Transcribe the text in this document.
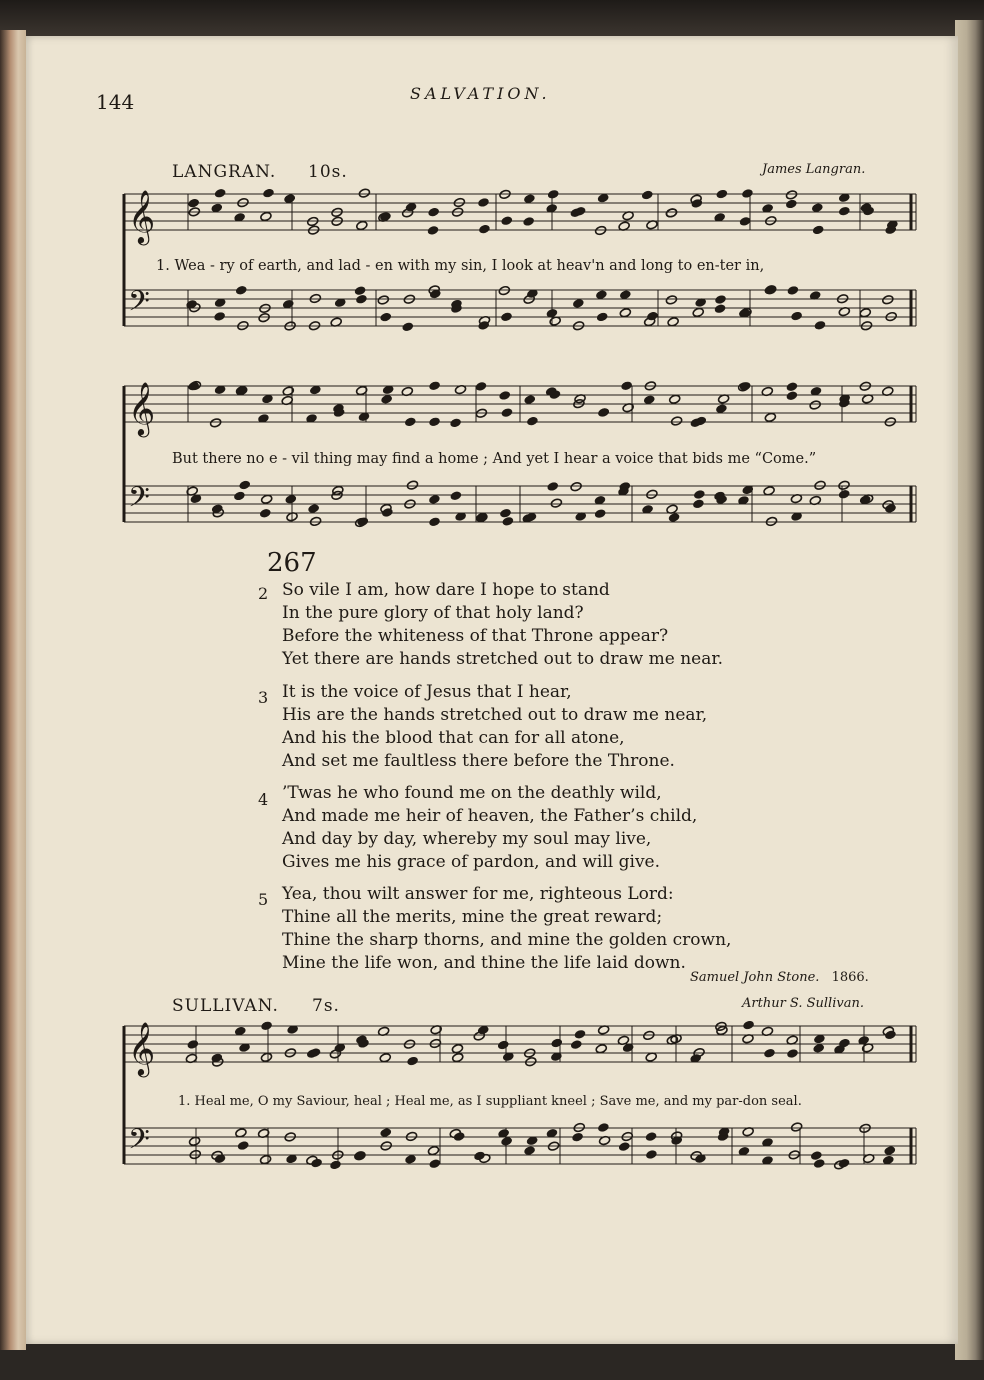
𝄞
𝄢
𝄞
𝄢
𝄞
𝄢
144	SALVATION.
LANGRAN. 10s.	James Langran.
1. Wea - ry of earth, and lad - en with my sin, I look at heav'n and long to en-ter in,
But there no e - vil thing may find a home ; And yet I hear a voice that bids me “Come.”
267
2 So vile I am, how dare I hope to stand
In the pure glory of that holy land?
Before the whiteness of that Throne appear?
Yet there are hands stretched out to draw me near.
3 It is the voice of Jesus that I hear,
His are the hands stretched out to draw me near,
And his the blood that can for all atone,
And set me faultless there before the Throne.
4 ’Twas he who found me on the deathly wild,
And made me heir of heaven, the Father’s child,
And day by day, whereby my soul may live,
Gives me his grace of pardon, and will give.
5 Yea, thou wilt answer for me, righteous Lord:
Thine all the merits, mine the great reward;
Thine the sharp thorns, and mine the golden crown,
Mine the life won, and thine the life laid down.
Samuel John Stone. 1866.
SULLIVAN. 7s.	Arthur S. Sullivan.
1. Heal me, O my Saviour, heal ; Heal me, as I suppliant kneel ; Save me, and my par-don seal.
